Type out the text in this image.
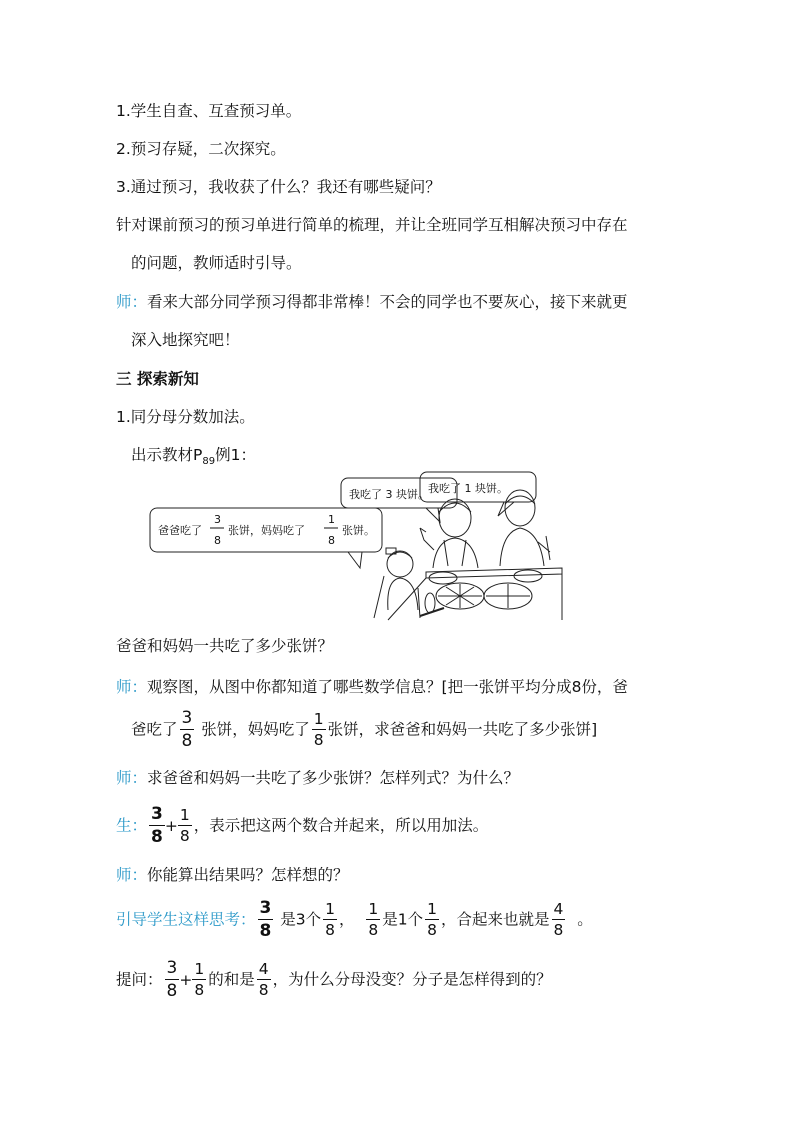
1.学生自查、互查预习单。
2.预习存疑，二次探究。
3.通过预习，我收获了什么？我还有哪些疑问？
针对课前预习的预习单进行简单的梳理，并让全班同学互相解决预习中存在
的问题，教师适时引导。
师：看来大部分同学预习得都非常棒！不会的同学也不要灰心，接下来就更
深入地探究吧！
三 探索新知
1.同分母分数加法。
出示教材$P_{89}$例1：
爸爸吃了
3
8
张饼，妈妈吃了
1
8
张饼。
我吃了 3 块饼。 我吃了 1 块饼。
爸爸和妈妈一共吃了多少张饼？
师：观察图，从图中你都知道了哪些数学信息？[把一张饼平均分成8份，爸
爸吃了 $\frac{3}{8}$ 张饼，妈妈吃了 $\frac{1}{8}$ 张饼，求爸爸和妈妈一共吃了多少张饼]
师：求爸爸和妈妈一共吃了多少张饼？怎样列式？为什么？
生： $\frac{3}{8} + \frac{1}{8}$ ，表示把这两个数合并起来，所以用加法。
师：你能算出结果吗？怎样想的？
引导学生这样思考： $\frac{3}{8}$ 是3个 $\frac{1}{8}$ ， $\frac{1}{8}$ 是1个 $\frac{1}{8}$ ，合起来也就是 $\frac{4}{8}$ 。
提问： $\frac{3}{8} + \frac{1}{8}$ 的和是 $\frac{4}{8}$ ，为什么分母没变？分子是怎样得到的？
